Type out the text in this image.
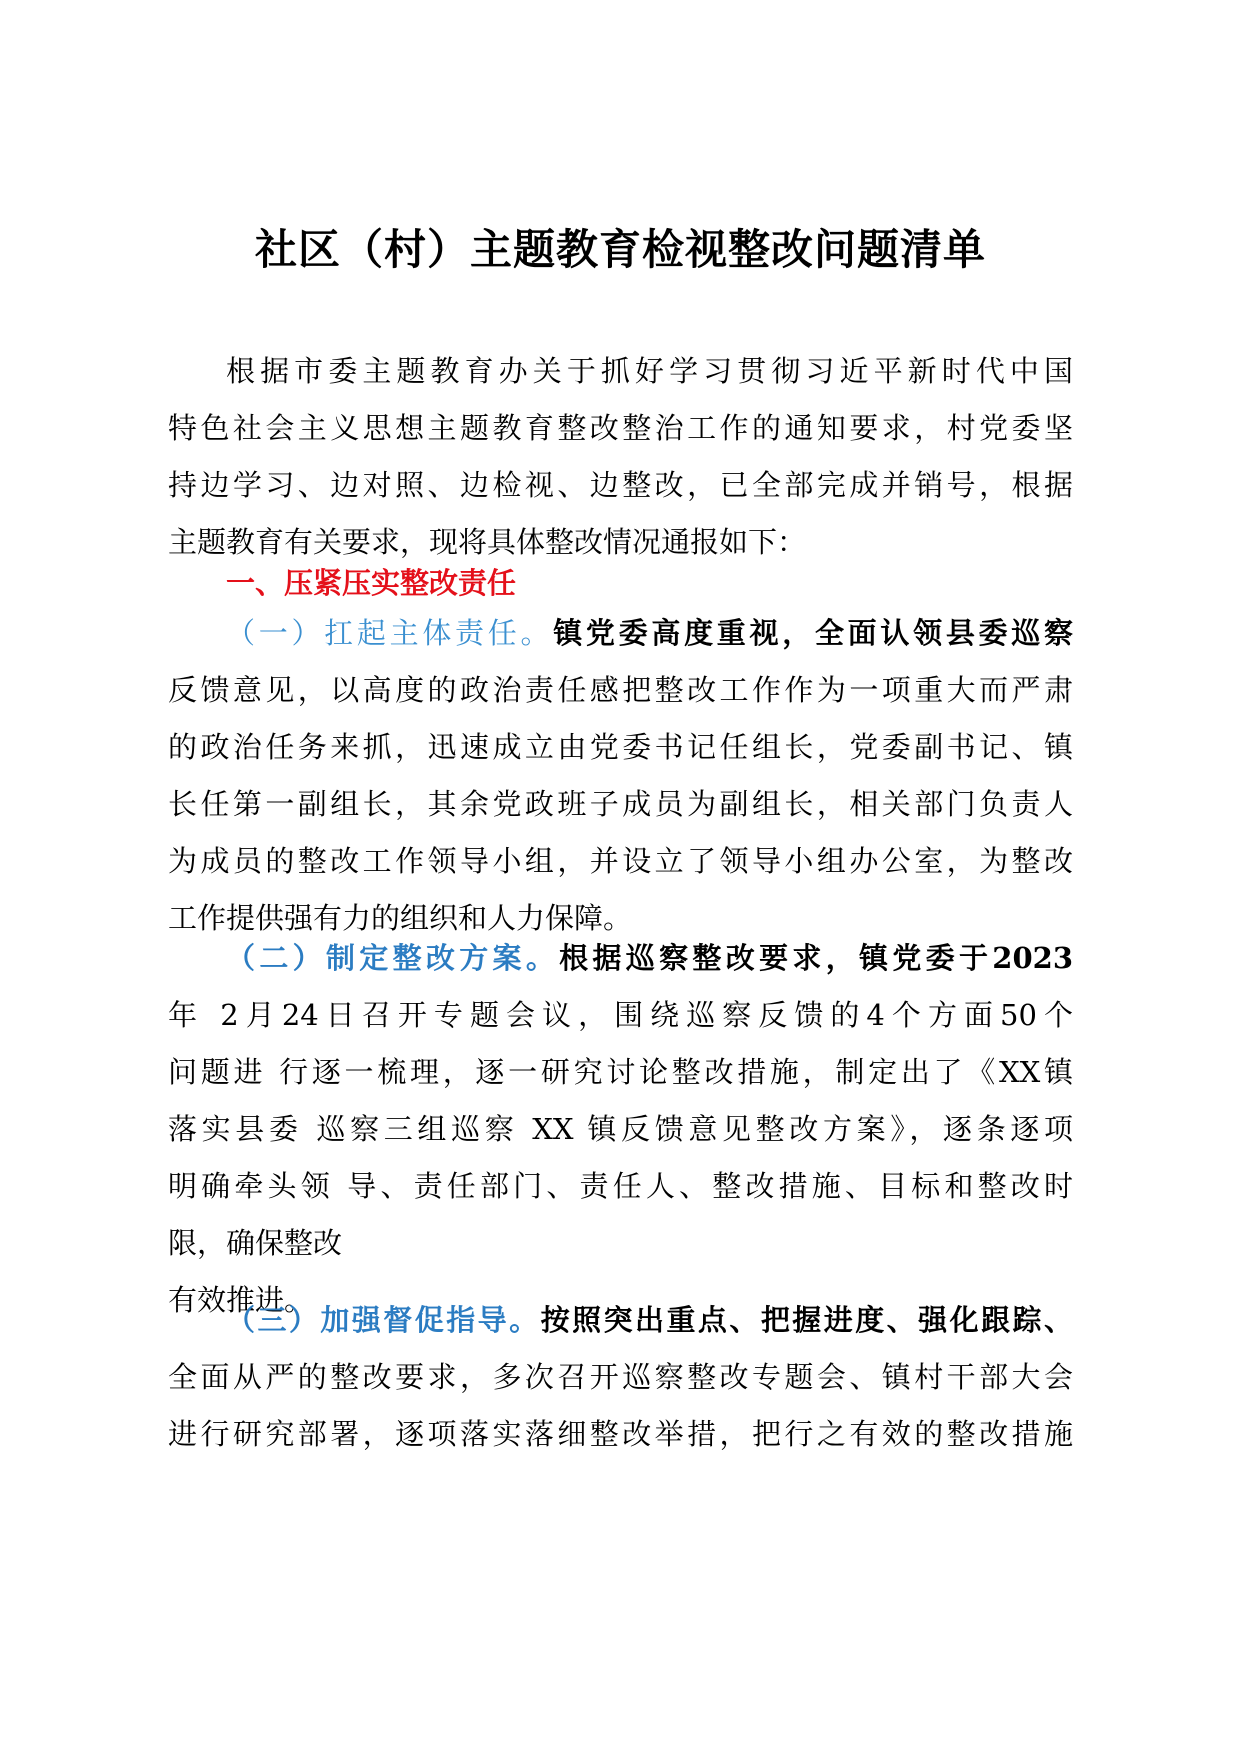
社区（村）主题教育检视整改问题清单
根据市委主题教育办关于抓好学习贯彻习近平新时代中国
特色社会主义思想主题教育整改整治工作的通知要求，村党委坚
持边学习、边对照、边检视、边整改，已全部完成并销号，根据
主题教育有关要求，现将具体整改情况通报如下：
一、压紧压实整改责任
（一）扛起主体责任。镇党委高度重视，全面认领县委巡察
反馈意见，以高度的政治责任感把整改工作作为一项重大而严肃
的政治任务来抓，迅速成立由党委书记任组长，党委副书记、镇
长任第一副组长，其余党政班子成员为副组长，相关部门负责人
为成员的整改工作领导小组，并设立了领导小组办公室，为整改
工作提供强有力的组织和人力保障。
（二）制定整改方案。根据巡察整改要求，镇党委于2023
年 2月24日召开专题会议，围绕巡察反馈的4个方面50个
问题进 行逐一梳理，逐一研究讨论整改措施，制定出了《XX镇
落实县委 巡察三组巡察 XX 镇反馈意见整改方案》，逐条逐项
明确牵头领 导、责任部门、责任人、整改措施、目标和整改时
限，确保整改
有效推进。
（三）加强督促指导。按照突出重点、把握进度、强化跟踪、
全面从严的整改要求，多次召开巡察整改专题会、镇村干部大会
进行研究部署，逐项落实落细整改举措，把行之有效的整改措施
